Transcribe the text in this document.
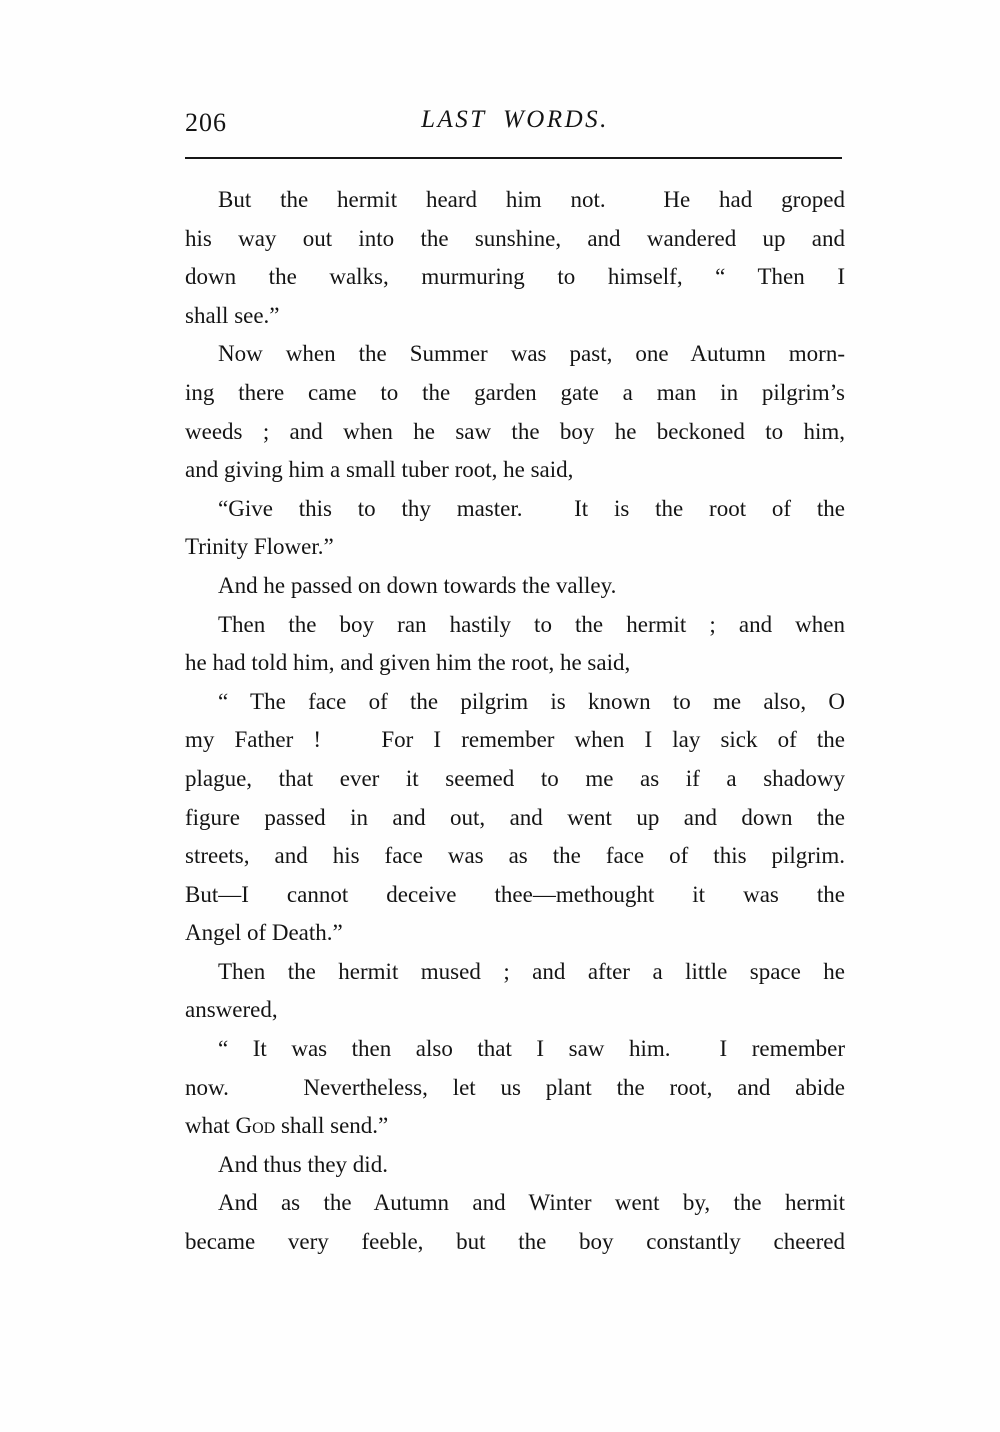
206	LAST WORDS.
But the hermit heard him not.  He had groped
his way out into the sunshine, and wandered up and
down the walks, murmuring to himself, “ Then I
shall see.”
Now when the Summer was past, one Autumn morn-
ing there came to the garden gate a man in pilgrim’s
weeds ; and when he saw the boy he beckoned to him,
and giving him a small tuber root, he said,
“Give this to thy master.  It is the root of the
Trinity Flower.”
And he passed on down towards the valley.
Then the boy ran hastily to the hermit ; and when
he had told him, and given him the root, he said,
“ The face of the pilgrim is known to me also, O
my Father !   For I remember when I lay sick of the
plague, that ever it seemed to me as if a shadowy
figure passed in and out, and went up and down the
streets, and his face was as the face of this pilgrim.
But—I cannot deceive thee—methought it was the
Angel of Death.”
Then the hermit mused ; and after a little space he
answered,
“ It was then also that I saw him.  I remember
now.   Nevertheless, let us plant the root, and abide
what God shall send.”
And thus they did.
And as the Autumn and Winter went by, the hermit
became very feeble, but the boy constantly cheered
